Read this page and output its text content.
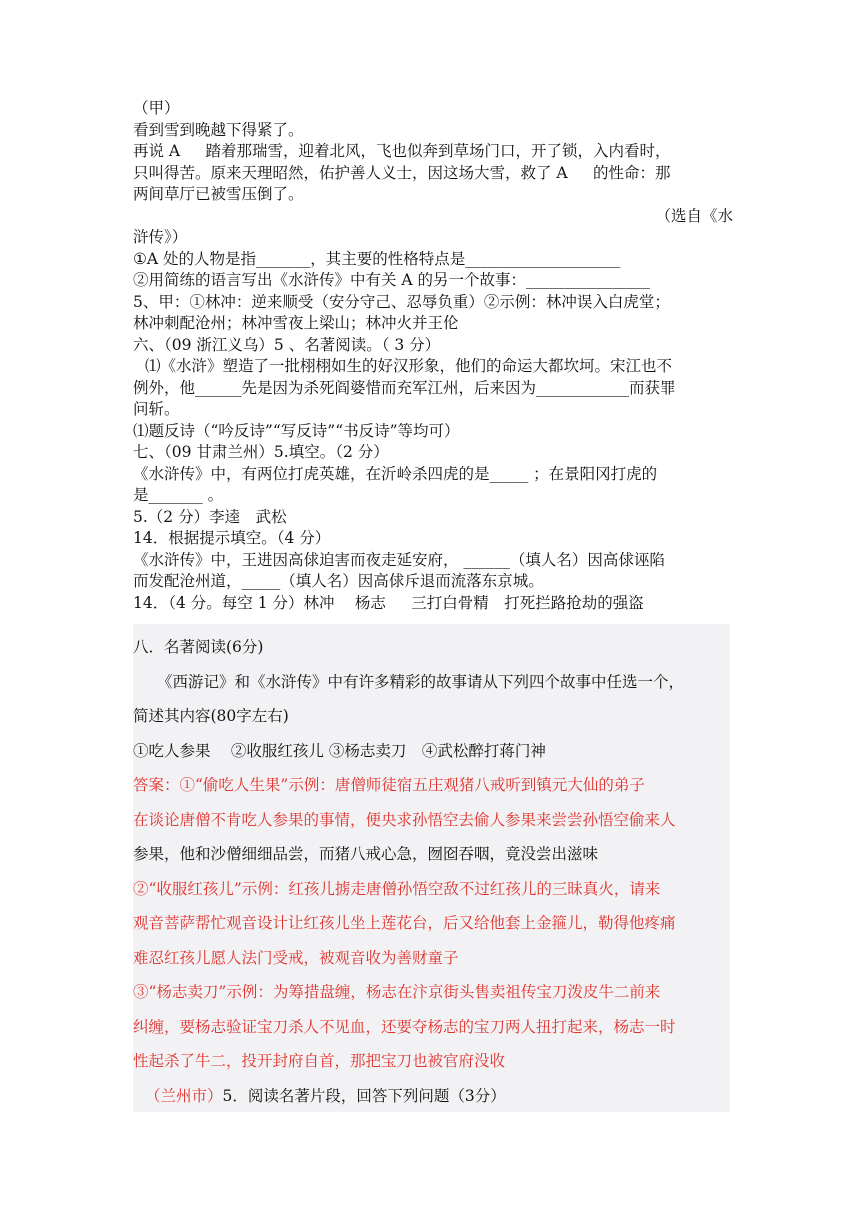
（甲）

看到雪到晚越下得紧了。

再说 A　  踏着那瑞雪，迎着北风，飞也似奔到草场门口，开了锁，入内看时，

只叫得苦。原来天理昭然，佑护善人义士，因这场大雪，救了 A　  的性命：那

两间草厅已被雪压倒了。

（选自《水

浒传》）

①A 处的人物是指_______，其主要的性格特点是____________________

②用简练的语言写出《水浒传》中有关 A 的另一个故事：________________

5、甲：①林冲：逆来顺受（安分守己、忍辱负重）②示例：林冲误入白虎堂；

林冲刺配沧州；林冲雪夜上梁山；林冲火并王伦

六、（09 浙江义乌）5 、名著阅读。（ 3 分）

⑴《水浒》塑造了一批栩栩如生的好汉形象，他们的命运大都坎坷。宋江也不

例外，他______先是因为杀死阎婆惜而充军江州，后来因为____________而获罪

问斩。

⑴题反诗（“吟反诗”“写反诗”“书反诗”等均可）

七、（09 甘肃兰州）5.填空。（2 分）

《水浒传》中，有两位打虎英雄，在沂岭杀四虎的是_____ ；在景阳冈打虎的

是_______ 。

5.（2 分）李逵　武松

14．根据提示填空。（4 分）

《水浒传》中，王进因高俅迫害而夜走延安府， ______（填人名）因高俅诬陷

而发配沧州道，_____（填人名）因高俅斥退而流落东京城。

14．（4 分。每空 1 分）林冲　 杨志　  三打白骨精　打死拦路抢劫的强盗

八．名著阅读(6分)

《西游记》和《水浒传》中有许多精彩的故事请从下列四个故事中任选一个，

简述其内容(80字左右)

①吃人参果　 ②收服红孩儿 ③杨志卖刀　④武松醉打蒋门神

答案：①“偷吃人生果”示例：唐僧师徒宿五庄观猪八戒听到镇元大仙的弟子

在谈论唐僧不肯吃人参果的事情，便央求孙悟空去偷人参果来尝尝孙悟空偷来人

参果，他和沙僧细细品尝，而猪八戒心急，囫囵吞咽，竟没尝出滋味

②“收服红孩儿”示例：红孩儿掳走唐僧孙悟空敌不过红孩儿的三昧真火，请来

观音菩萨帮忙观音设计让红孩儿坐上莲花台，后又给他套上金箍儿，勒得他疼痛

难忍红孩儿愿人法门受戒，被观音收为善财童子

③“杨志卖刀”示例：为筹措盘缠，杨志在汴京街头售卖祖传宝刀泼皮牛二前来

纠缠，要杨志验证宝刀杀人不见血，还要夺杨志的宝刀两人扭打起来，杨志一时

性起杀了牛二，投开封府自首，那把宝刀也被官府没收

（兰州市）5．阅读名著片段，回答下列问题（3分）
